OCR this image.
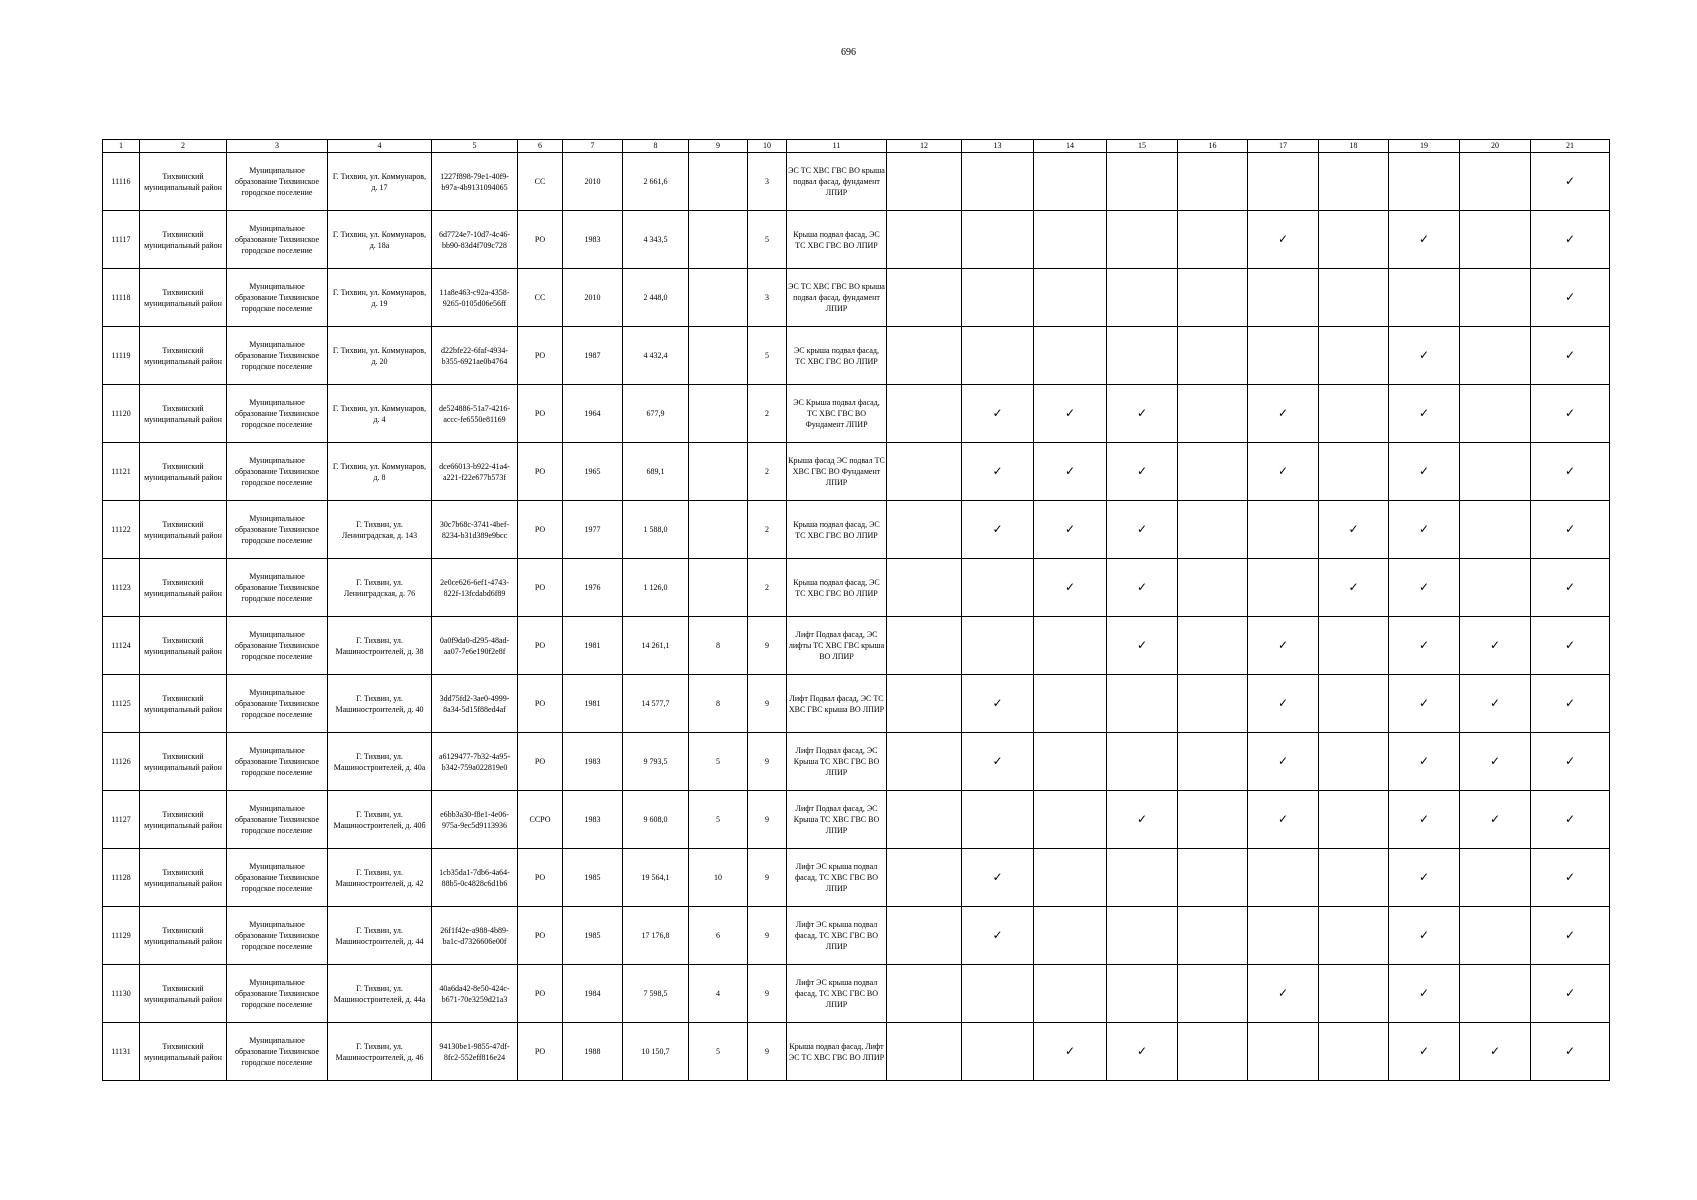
696
1	2	3	4	5	6	7	8	9	10	11	12	13	14	15	16	17	18	19	20	21
11116	Тихвинский муниципальный район	Муниципальное образование Тихвинское городское поселение	Г. Тихвин, ул. Коммунаров, д. 17	1227f898-79e1-40f9-b97a-4b9131094065	СС	2010	2 661,6		3	ЭС ТС ХВС ГВС ВО крыша подвал фасад, фундамент ЛПИР										✓
11117	Тихвинский муниципальный район	Муниципальное образование Тихвинское городское поселение	Г. Тихвин, ул. Коммунаров, д. 18а	6d7724e7-10d7-4c46-bb90-83d4f709c728	РО	1983	4 343,5		5	Крыша подвал фасад, ЭС ТС ХВС ГВС ВО ЛПИР						✓		✓		✓
11118	Тихвинский муниципальный район	Муниципальное образование Тихвинское городское поселение	Г. Тихвин, ул. Коммунаров, д. 19	11a8e463-c92a-4358-9265-0105d06e56ff	СС	2010	2 448,0		3	ЭС ТС ХВС ГВС ВО крыша подвал фасад, фундамент ЛПИР										✓
11119	Тихвинский муниципальный район	Муниципальное образование Тихвинское городское поселение	Г. Тихвин, ул. Коммунаров, д. 20	d22bfe22-6faf-4934-b355-6921ae0b4764	РО	1987	4 432,4		5	ЭС крыша подвал фасад, ТС ХВС ГВС ВО ЛПИР								✓		✓
11120	Тихвинский муниципальный район	Муниципальное образование Тихвинское городское поселение	Г. Тихвин, ул. Коммунаров, д. 4	de524886-51a7-4216-accc-fe6550e81169	РО	1964	677,9		2	ЭС Крыша подвал фасад, ТС ХВС ГВС ВО Фундамент ЛПИР		✓	✓	✓		✓		✓		✓
11121	Тихвинский муниципальный район	Муниципальное образование Тихвинское городское поселение	Г. Тихвин, ул. Коммунаров, д. 8	dce66013-b922-41a4-a221-f22e677b573f	РО	1965	689,1		2	Крыша фасад ЭС подвал ТС ХВС ГВС ВО Фундамент ЛПИР		✓	✓	✓		✓		✓		✓
11122	Тихвинский муниципальный район	Муниципальное образование Тихвинское городское поселение	Г. Тихвин, ул. Ленинградская, д. 143	30c7b68c-3741-4bef-8234-b31d389e9bcc	РО	1977	1 588,0		2	Крыша подвал фасад, ЭС ТС ХВС ГВС ВО ЛПИР		✓	✓	✓			✓	✓		✓
11123	Тихвинский муниципальный район	Муниципальное образование Тихвинское городское поселение	Г. Тихвин, ул. Ленинградская, д. 76	2e0ce626-6ef1-4743-822f-13fcdabd6f89	РО	1976	1 126,0		2	Крыша подвал фасад, ЭС ТС ХВС ГВС ВО ЛПИР			✓	✓			✓	✓		✓
11124	Тихвинский муниципальный район	Муниципальное образование Тихвинское городское поселение	Г. Тихвин, ул. Машиностроителей, д. 38	0a0f9da0-d295-48ad-aa07-7e6e190f2e8f	РО	1981	14 261,1	8	9	Лифт Подвал фасад, ЭС лифты ТС ХВС ГВС крыша ВО ЛПИР				✓		✓		✓	✓	✓
11125	Тихвинский муниципальный район	Муниципальное образование Тихвинское городское поселение	Г. Тихвин, ул. Машиностроителей, д. 40	3dd75fd2-3ae0-4999-8a34-5d15f88ed4af	РО	1981	14 577,7	8	9	Лифт Подвал фасад, ЭС ТС ХВС ГВС крыша ВО ЛПИР		✓				✓		✓	✓	✓
11126	Тихвинский муниципальный район	Муниципальное образование Тихвинское городское поселение	Г. Тихвин, ул. Машиностроителей, д. 40а	a6129477-7b32-4a95-b342-759a022819e0	РО	1983	9 793,5	5	9	Лифт Подвал фасад, ЭС Крыша ТС ХВС ГВС ВО ЛПИР		✓				✓		✓	✓	✓
11127	Тихвинский муниципальный район	Муниципальное образование Тихвинское городское поселение	Г. Тихвин, ул. Машиностроителей, д. 40б	e6bb3a30-f8e1-4e06-975a-9ec5d9113936	ССРО	1983	9 608,0	5	9	Лифт Подвал фасад, ЭС Крыша ТС ХВС ГВС ВО ЛПИР				✓		✓		✓	✓	✓
11128	Тихвинский муниципальный район	Муниципальное образование Тихвинское городское поселение	Г. Тихвин, ул. Машиностроителей, д. 42	1cb35da1-7db6-4a64-88b5-0c4828c6d1b6	РО	1985	19 564,1	10	9	Лифт ЭС крыша подвал фасад, ТС ХВС ГВС ВО ЛПИР		✓						✓		✓
11129	Тихвинский муниципальный район	Муниципальное образование Тихвинское городское поселение	Г. Тихвин, ул. Машиностроителей, д. 44	26f1f42e-a988-4b89-ba1c-d7326606e00f	РО	1985	17 176,8	6	9	Лифт ЭС крыша подвал фасад, ТС ХВС ГВС ВО ЛПИР		✓						✓		✓
11130	Тихвинский муниципальный район	Муниципальное образование Тихвинское городское поселение	Г. Тихвин, ул. Машиностроителей, д. 44а	40a6da42-8e50-424c-b671-70e3259d21a3	РО	1984	7 598,5	4	9	Лифт ЭС крыша подвал фасад, ТС ХВС ГВС ВО ЛПИР						✓		✓		✓
11131	Тихвинский муниципальный район	Муниципальное образование Тихвинское городское поселение	Г. Тихвин, ул. Машиностроителей, д. 46	94130be1-9855-47df-8fc2-552eff816e24	РО	1988	10 150,7	5	9	Крыша подвал фасад, Лифт ЭС ТС ХВС ГВС ВО ЛПИР			✓	✓				✓	✓	✓
